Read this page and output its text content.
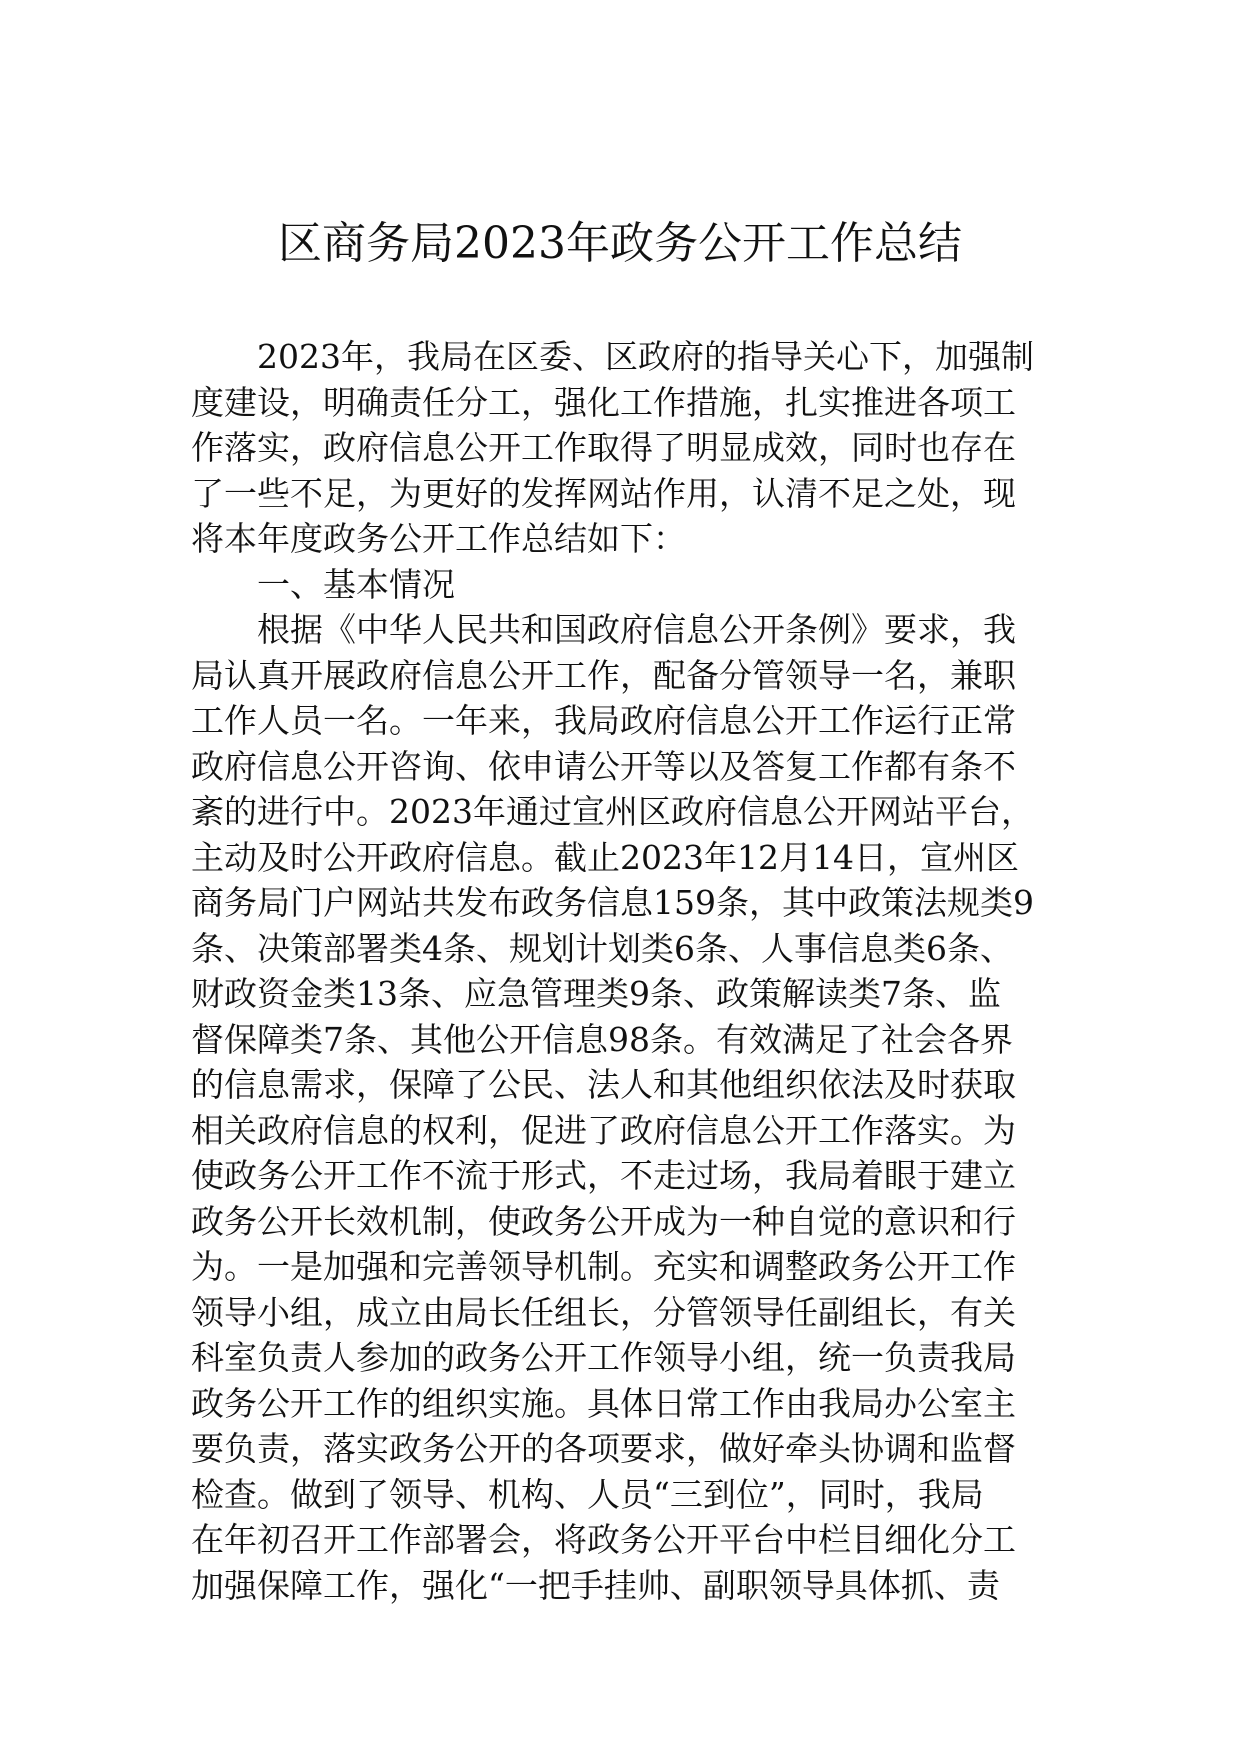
区商务局2023年政务公开工作总结
2023年，我局在区委、区政府的指导关心下，加强制
度建设，明确责任分工，强化工作措施，扎实推进各项工
作落实，政府信息公开工作取得了明显成效，同时也存在
了一些不足，为更好的发挥网站作用，认清不足之处，现
将本年度政务公开工作总结如下：
一、基本情况
根据《中华人民共和国政府信息公开条例》要求，我
局认真开展政府信息公开工作，配备分管领导一名，兼职
工作人员一名。一年来，我局政府信息公开工作运行正常
政府信息公开咨询、依申请公开等以及答复工作都有条不
紊的进行中。2023年通过宣州区政府信息公开网站平台，
主动及时公开政府信息。截止2023年12月14日，宣州区
商务局门户网站共发布政务信息159条，其中政策法规类9
条、决策部署类4条、规划计划类6条、人事信息类6条、
财政资金类13条、应急管理类9条、政策解读类7条、监
督保障类7条、其他公开信息98条。有效满足了社会各界
的信息需求，保障了公民、法人和其他组织依法及时获取
相关政府信息的权利，促进了政府信息公开工作落实。为
使政务公开工作不流于形式，不走过场，我局着眼于建立
政务公开长效机制，使政务公开成为一种自觉的意识和行
为。一是加强和完善领导机制。充实和调整政务公开工作
领导小组，成立由局长任组长，分管领导任副组长，有关
科室负责人参加的政务公开工作领导小组，统一负责我局
政务公开工作的组织实施。具体日常工作由我局办公室主
要负责，落实政务公开的各项要求，做好牵头协调和监督
检查。做到了领导、机构、人员“三到位”，同时，我局
在年初召开工作部署会，将政务公开平台中栏目细化分工
加强保障工作，强化“一把手挂帅、副职领导具体抓、责
